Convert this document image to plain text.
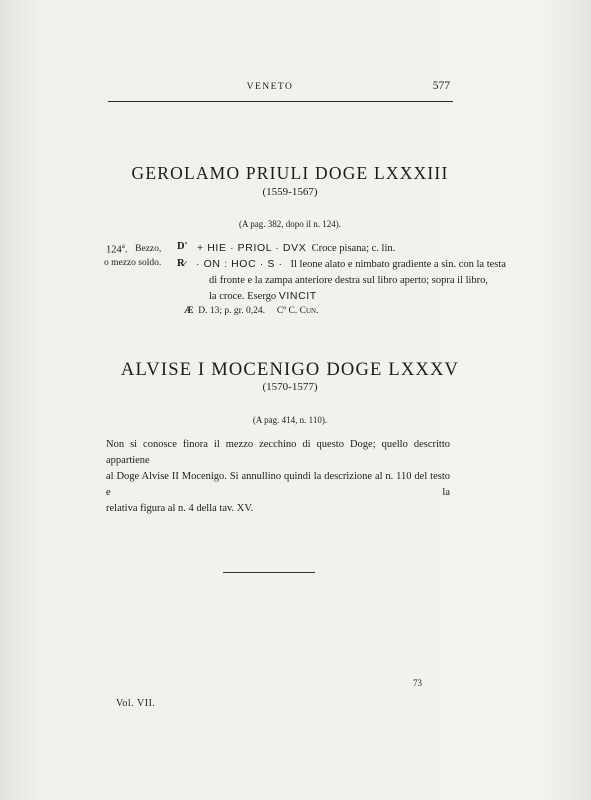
VENETO	577
GEROLAMO PRIULI DOGE LXXXIII
(1559-1567)
(A pag. 382, dopo il n. 124).
124$^a$. Bezzo,
o mezzo soldo.
D' + HIE · PRIOL · DVX Croce pisana; c. lin.
R̷ · ON : HOC · S · Il leone alato e nimbato gradiente a sin. con la testa
di fronte e la zampa anteriore destra sul libro aperto; sopra il libro,
la croce. Esergo VINCIT
Æ D. 13; p. gr. 0,24. Cº C. Cun.
ALVISE I MOCENIGO DOGE LXXXV
(1570-1577)
(A pag. 414, n. 110).
Non si conosce finora il mezzo zecchino di questo Doge; quello descritto appartiene
al Doge Alvise II Mocenigo. Si annullino quindi la descrizione al n. 110 del testo e la
relativa figura al n. 4 della tav. XV.
Vol. VII.
73
